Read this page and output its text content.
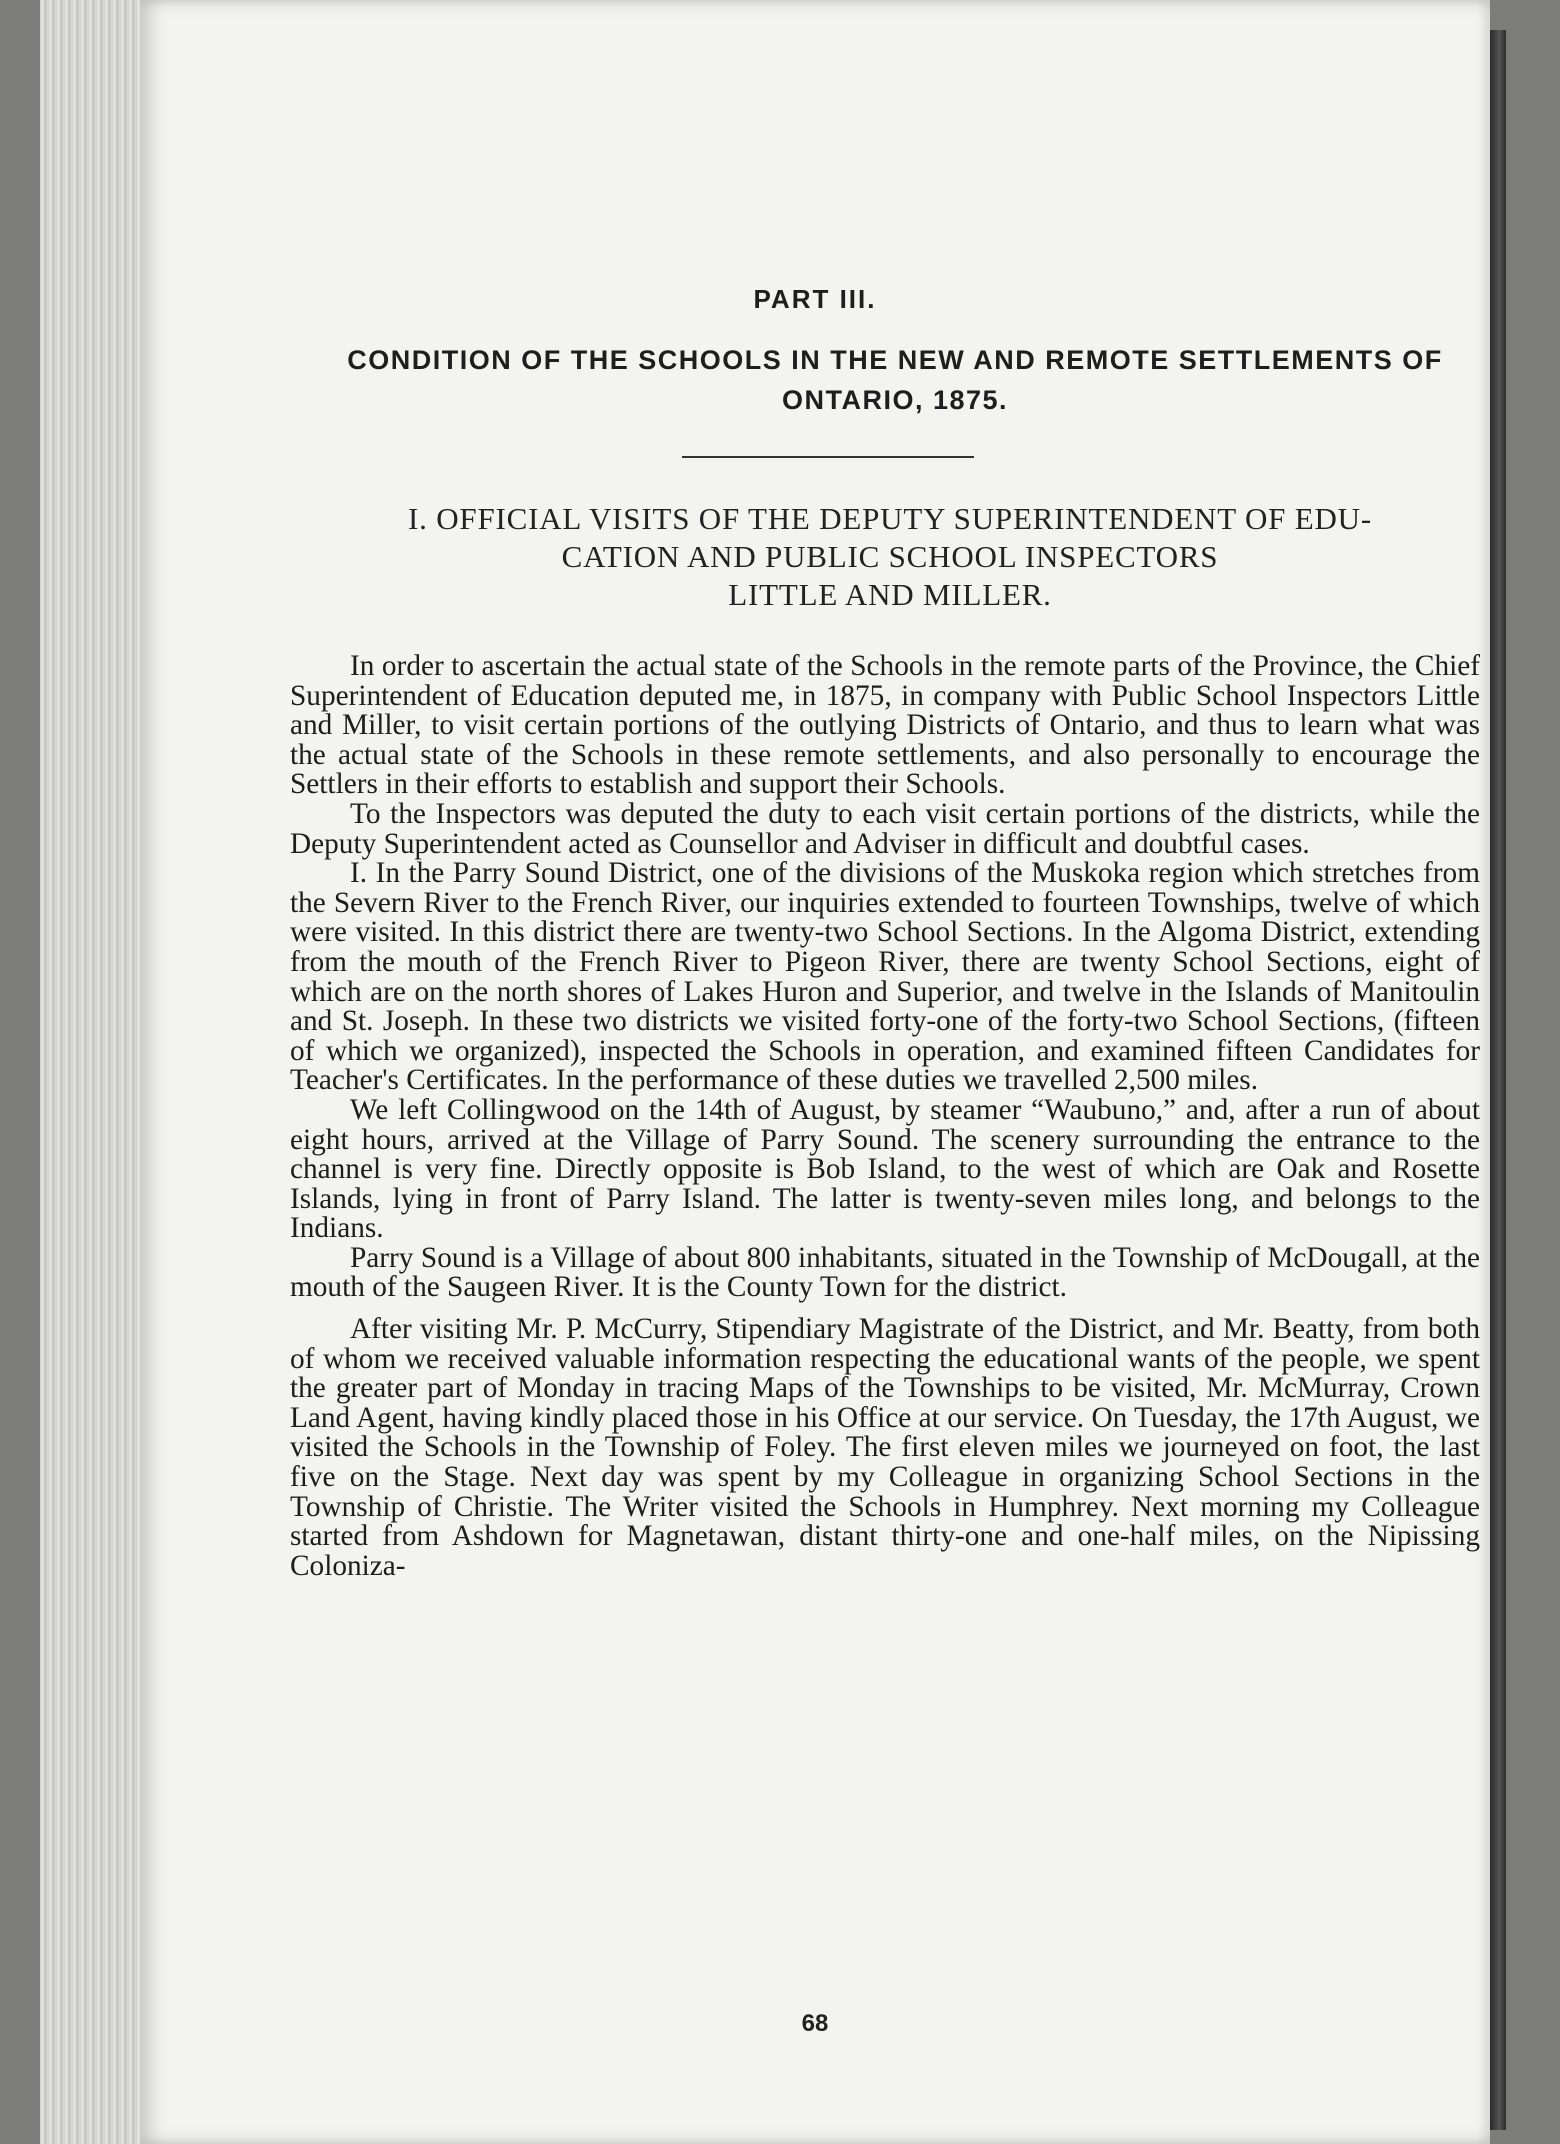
PART III.
CONDITION OF THE SCHOOLS IN THE NEW AND REMOTE SETTLEMENTS OF ONTARIO, 1875.
I. OFFICIAL VISITS OF THE DEPUTY SUPERINTENDENT OF EDU-
CATION AND PUBLIC SCHOOL INSPECTORS
LITTLE AND MILLER.

In order to ascertain the actual state of the Schools in the remote parts of the Province, the Chief Superintendent of Education deputed me, in 1875, in company with Public School Inspectors Little and Miller, to visit certain portions of the outlying Districts of Ontario, and thus to learn what was the actual state of the Schools in these remote settlements, and also personally to encourage the Settlers in their efforts to establish and support their Schools.

To the Inspectors was deputed the duty to each visit certain portions of the districts, while the Deputy Superintendent acted as Counsellor and Adviser in difficult and doubtful cases.

I. In the Parry Sound District, one of the divisions of the Muskoka region which stretches from the Severn River to the French River, our inquiries extended to fourteen Townships, twelve of which were visited. In this district there are twenty-two School Sections. In the Algoma District, extending from the mouth of the French River to Pigeon River, there are twenty School Sections, eight of which are on the north shores of Lakes Huron and Superior, and twelve in the Islands of Manitoulin and St. Joseph. In these two districts we visited forty-one of the forty-two School Sections, (fifteen of which we organized), inspected the Schools in operation, and examined fifteen Candidates for Teacher's Certificates. In the performance of these duties we travelled 2,500 miles.

We left Collingwood on the 14th of August, by steamer “Waubuno,” and, after a run of about eight hours, arrived at the Village of Parry Sound. The scenery surrounding the entrance to the channel is very fine. Directly opposite is Bob Island, to the west of which are Oak and Rosette Islands, lying in front of Parry Island. The latter is twenty-seven miles long, and belongs to the Indians.

Parry Sound is a Village of about 800 inhabitants, situated in the Township of McDougall, at the mouth of the Saugeen River. It is the County Town for the district.

After visiting Mr. P. McCurry, Stipendiary Magistrate of the District, and Mr. Beatty, from both of whom we received valuable information respecting the educational wants of the people, we spent the greater part of Monday in tracing Maps of the Townships to be visited, Mr. McMurray, Crown Land Agent, having kindly placed those in his Office at our service. On Tuesday, the 17th August, we visited the Schools in the Township of Foley. The first eleven miles we journeyed on foot, the last five on the Stage. Next day was spent by my Colleague in organizing School Sections in the Township of Christie. The Writer visited the Schools in Humphrey. Next morning my Colleague started from Ashdown for Magnetawan, distant thirty-one and one-half miles, on the Nipissing Coloniza-

68
